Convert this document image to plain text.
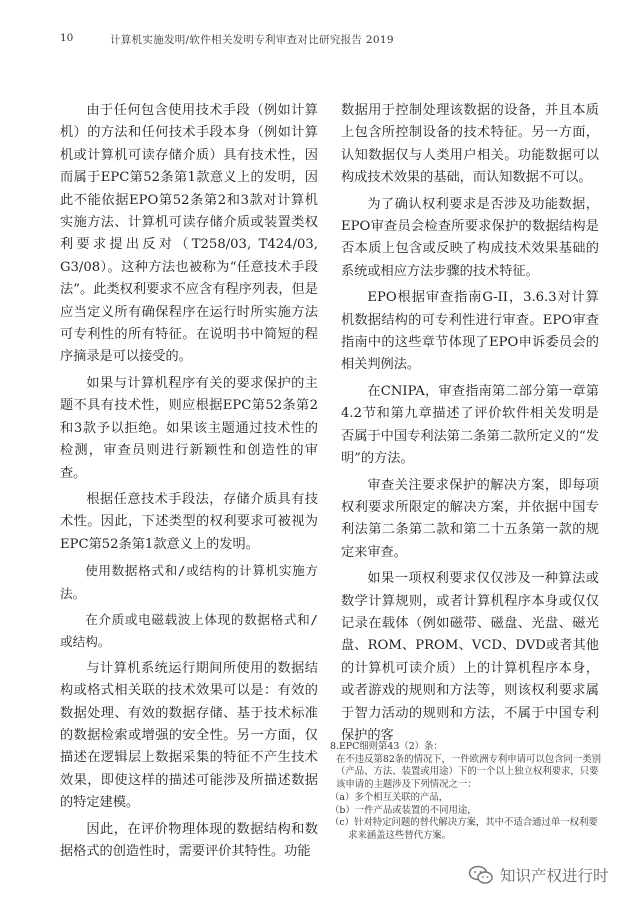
10	计算机实施发明/软件相关发明专利审查对比研究报告 2019

由于任何包含使用技术手段（例如计算机）的方法和任何技术手段本身（例如计算机或计算机可读存储介质）具有技术性，因而属于EPC第52条第1款意义上的发明，因此不能依据EPO第52条第2和3款对计算机实施方法、计算机可读存储介质或装置类权利要求提出反对（T258/03, T424/03, G3/08）。这种方法也被称为“任意技术手段法”。此类权利要求不应含有程序列表，但是应当定义所有确保程序在运行时所实施方法可专利性的所有特征。在说明书中简短的程序摘录是可以接受的。

如果与计算机程序有关的要求保护的主题不具有技术性，则应根据EPC第52条第2和3款予以拒绝。如果该主题通过技术性的检测，审查员则进行新颖性和创造性的审查。

根据任意技术手段法，存储介质具有技术性。因此，下述类型的权利要求可被视为EPC第52条第1款意义上的发明。

使用数据格式和/或结构的计算机实施方法。

在介质或电磁载波上体现的数据格式和/或结构。

与计算机系统运行期间所使用的数据结构或格式相关联的技术效果可以是：有效的数据处理、有效的数据存储、基于技术标准的数据检索或增强的安全性。另一方面，仅描述在逻辑层上数据采集的特征不产生技术效果，即使这样的描述可能涉及所描述数据的特定建模。

因此，在评价物理体现的数据结构和数据格式的创造性时，需要评价其特性。功能

数据用于控制处理该数据的设备，并且本质上包含所控制设备的技术特征。另一方面，认知数据仅与人类用户相关。功能数据可以构成技术效果的基础，而认知数据不可以。

为了确认权利要求是否涉及功能数据，EPO审查员会检查所要求保护的数据结构是否本质上包含或反映了构成技术效果基础的系统或相应方法步骤的技术特征。

EPO根据审查指南G-II，3.6.3对计算机数据结构的可专利性进行审查。EPO审查指南中的这些章节体现了EPO申诉委员会的相关判例法。

在CNIPA，审查指南第二部分第一章第4.2节和第九章描述了评价软件相关发明是否属于中国专利法第二条第二款所定义的“发明”的方法。

审查关注要求保护的解决方案，即每项权利要求所限定的解决方案，并依据中国专利法第二条第二款和第二十五条第一款的规定来审查。

如果一项权利要求仅仅涉及一种算法或数学计算规则，或者计算机程序本身或仅仅记录在载体（例如磁带、磁盘、光盘、磁光盘、ROM、PROM、VCD、DVD或者其他的计算机可读介质）上的计算机程序本身，或者游戏的规则和方法等，则该权利要求属于智力活动的规则和方法，不属于中国专利保护的客

8.EPC细则第43（2）条：
在不违反第82条的情况下，一件欧洲专利申请可以包含同一类别
（产品、方法、装置或用途）下的一个以上独立权利要求，只要
该申请的主题涉及下列情况之一：
（a）多个相互关联的产品，
（b）一件产品或装置的不同用途，
（c）针对特定问题的替代解决方案，其中不适合通过单一权利要
求来涵盖这些替代方案。
知识产权进行时
